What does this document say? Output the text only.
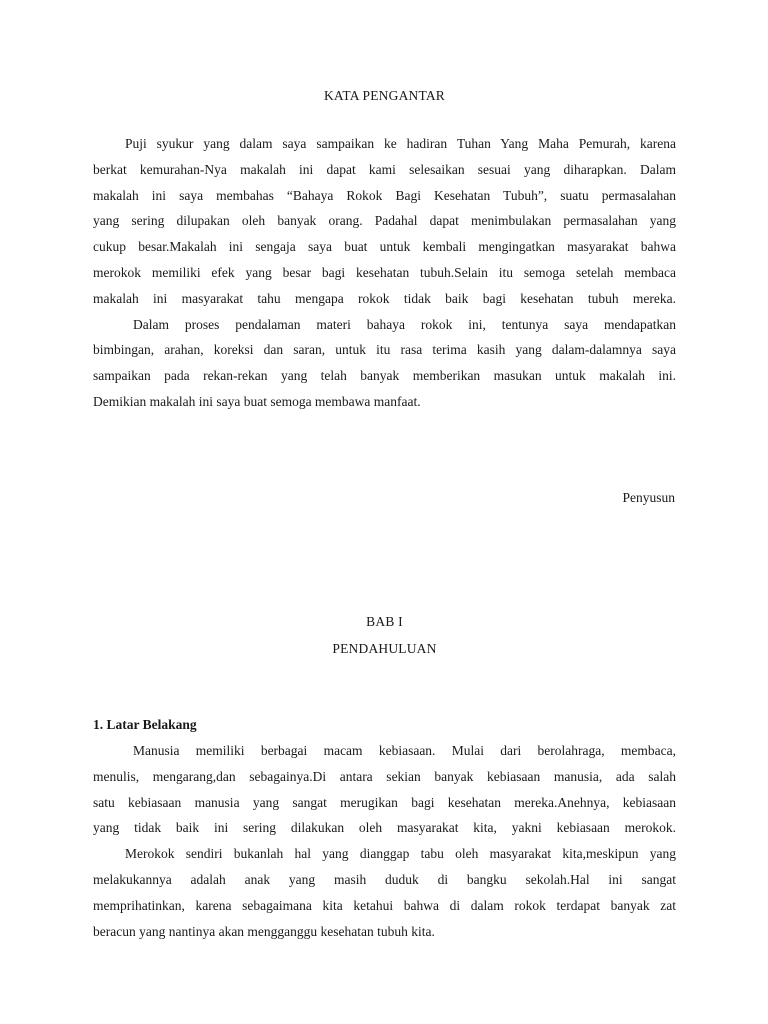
KATA PENGANTAR
Puji syukur yang dalam saya sampaikan ke hadiran Tuhan Yang Maha Pemurah, karena
berkat kemurahan-Nya makalah ini dapat kami selesaikan sesuai yang diharapkan. Dalam
makalah ini saya membahas “Bahaya Rokok Bagi Kesehatan Tubuh”, suatu permasalahan
yang sering dilupakan oleh banyak orang. Padahal dapat menimbulakan permasalahan yang
cukup besar.Makalah ini sengaja saya buat untuk kembali mengingatkan masyarakat bahwa
merokok memiliki efek yang besar bagi kesehatan tubuh.Selain itu semoga setelah membaca
makalah ini masyarakat tahu mengapa rokok tidak baik bagi kesehatan tubuh mereka.
Dalam proses pendalaman materi bahaya rokok ini, tentunya saya mendapatkan
bimbingan, arahan, koreksi dan saran, untuk itu rasa terima kasih yang dalam-dalamnya saya
sampaikan pada rekan-rekan yang telah banyak memberikan masukan untuk makalah ini.
Demikian makalah ini saya buat semoga membawa manfaat.

Penyusun

BAB I
PENDAHULUAN
1. Latar Belakang
Manusia memiliki berbagai macam kebiasaan. Mulai dari berolahraga, membaca,
menulis, mengarang,dan sebagainya.Di antara sekian banyak kebiasaan manusia, ada salah
satu kebiasaan manusia yang sangat merugikan bagi kesehatan mereka.Anehnya, kebiasaan
yang tidak baik ini sering dilakukan oleh masyarakat kita, yakni kebiasaan merokok.
Merokok sendiri bukanlah hal yang dianggap tabu oleh masyarakat kita,meskipun yang
melakukannya adalah anak yang masih duduk di bangku sekolah.Hal ini sangat
memprihatinkan, karena sebagaimana kita ketahui bahwa di dalam rokok terdapat banyak zat
beracun yang nantinya akan mengganggu kesehatan tubuh kita.
